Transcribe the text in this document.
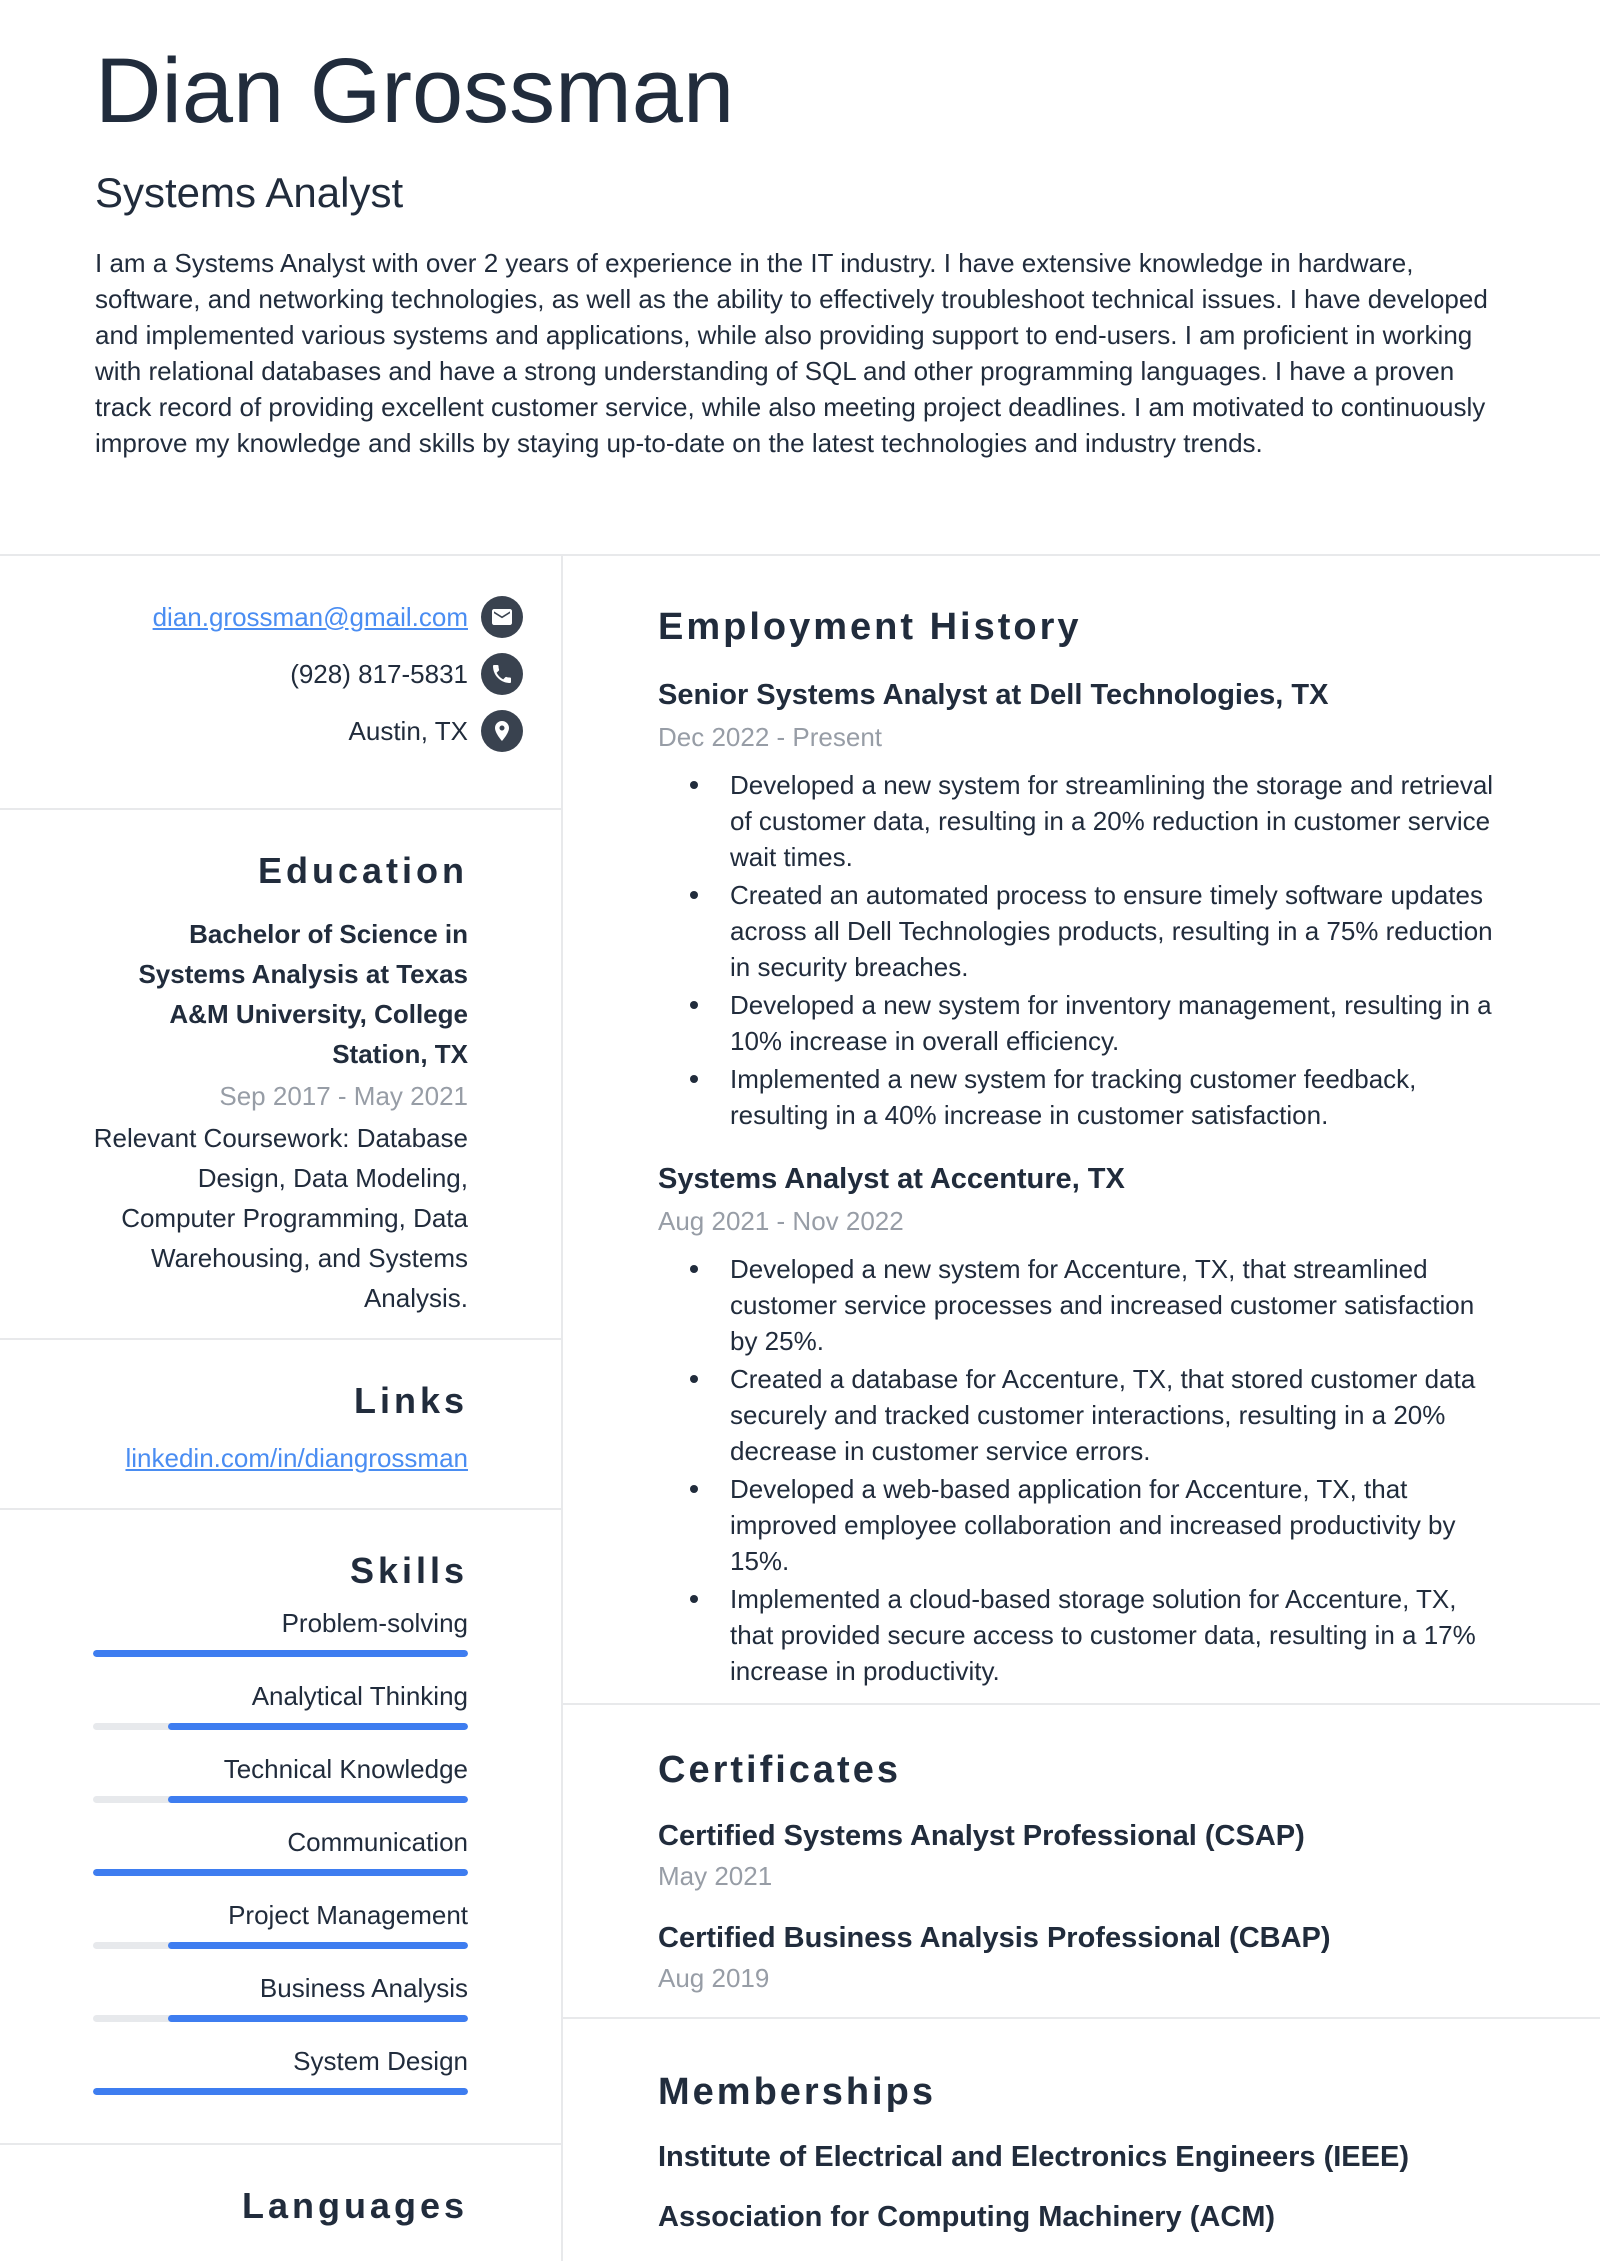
Dian Grossman
Systems Analyst

I am a Systems Analyst with over 2 years of experience in the IT industry. I have extensive knowledge in hardware, software, and networking technologies, as well as the ability to effectively troubleshoot technical issues. I have developed and implemented various systems and applications, while also providing support to end-users. I am proficient in working with relational databases and have a strong understanding of SQL and other programming languages. I have a proven track record of providing excellent customer service, while also meeting project deadlines. I am motivated to continuously improve my knowledge and skills by staying up-to-date on the latest technologies and industry trends.

dian.grossman@gmail.com
(928) 817-5831
Austin, TX
Education

Bachelor of Science in Systems Analysis at Texas A&M University, College Station, TX

Sep 2017 - May 2021

Relevant Coursework: Database Design, Data Modeling, Computer Programming, Data Warehousing, and Systems Analysis.

Links
linkedin.com/in/diangrossman
Skills
Problem-solving
Analytical Thinking
Technical Knowledge
Communication
Project Management
Business Analysis
System Design
Languages
Employment History
Senior Systems Analyst at Dell Technologies, TX
Dec 2022 - Present
Developed a new system for streamlining the storage and retrieval of customer data, resulting in a 20% reduction in customer service wait times.
Created an automated process to ensure timely software updates across all Dell Technologies products, resulting in a 75% reduction in security breaches.
Developed a new system for inventory management, resulting in a 10% increase in overall efficiency.
Implemented a new system for tracking customer feedback, resulting in a 40% increase in customer satisfaction.
Systems Analyst at Accenture, TX
Aug 2021 - Nov 2022
Developed a new system for Accenture, TX, that streamlined customer service processes and increased customer satisfaction by 25%.
Created a database for Accenture, TX, that stored customer data securely and tracked customer interactions, resulting in a 20% decrease in customer service errors.
Developed a web-based application for Accenture, TX, that improved employee collaboration and increased productivity by 15%.
Implemented a cloud-based storage solution for Accenture, TX, that provided secure access to customer data, resulting in a 17% increase in productivity.
Certificates
Certified Systems Analyst Professional (CSAP)
May 2021
Certified Business Analysis Professional (CBAP)
Aug 2019
Memberships
Institute of Electrical and Electronics Engineers (IEEE)
Association for Computing Machinery (ACM)
